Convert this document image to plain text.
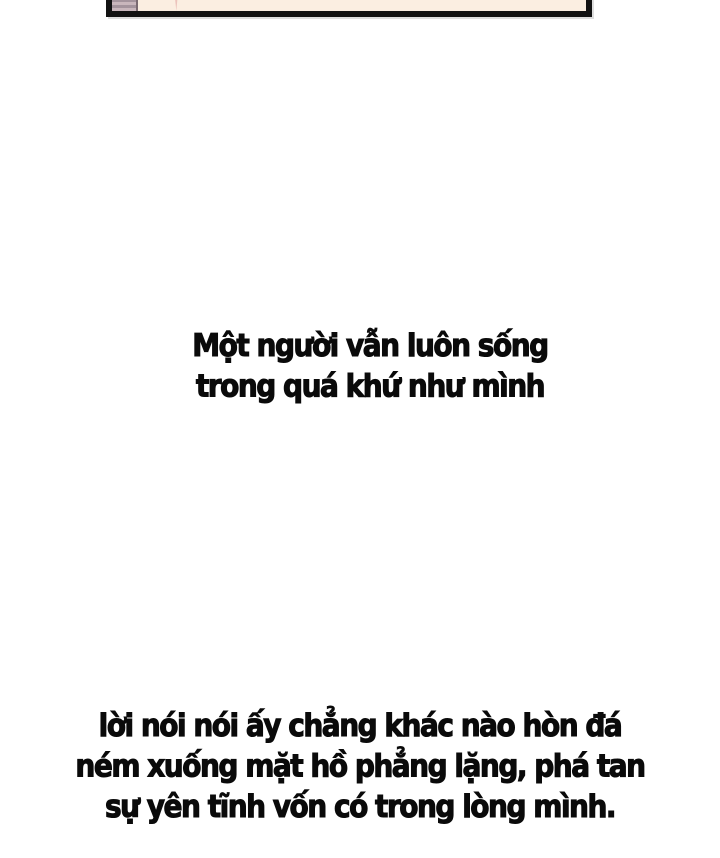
Một người vẫn luôn sống
trong quá khứ như mình
lời nói nói ấy chẳng khác nào hòn đá
ném xuống mặt hồ phẳng lặng, phá tan
sự yên tĩnh vốn có trong lòng mình.
